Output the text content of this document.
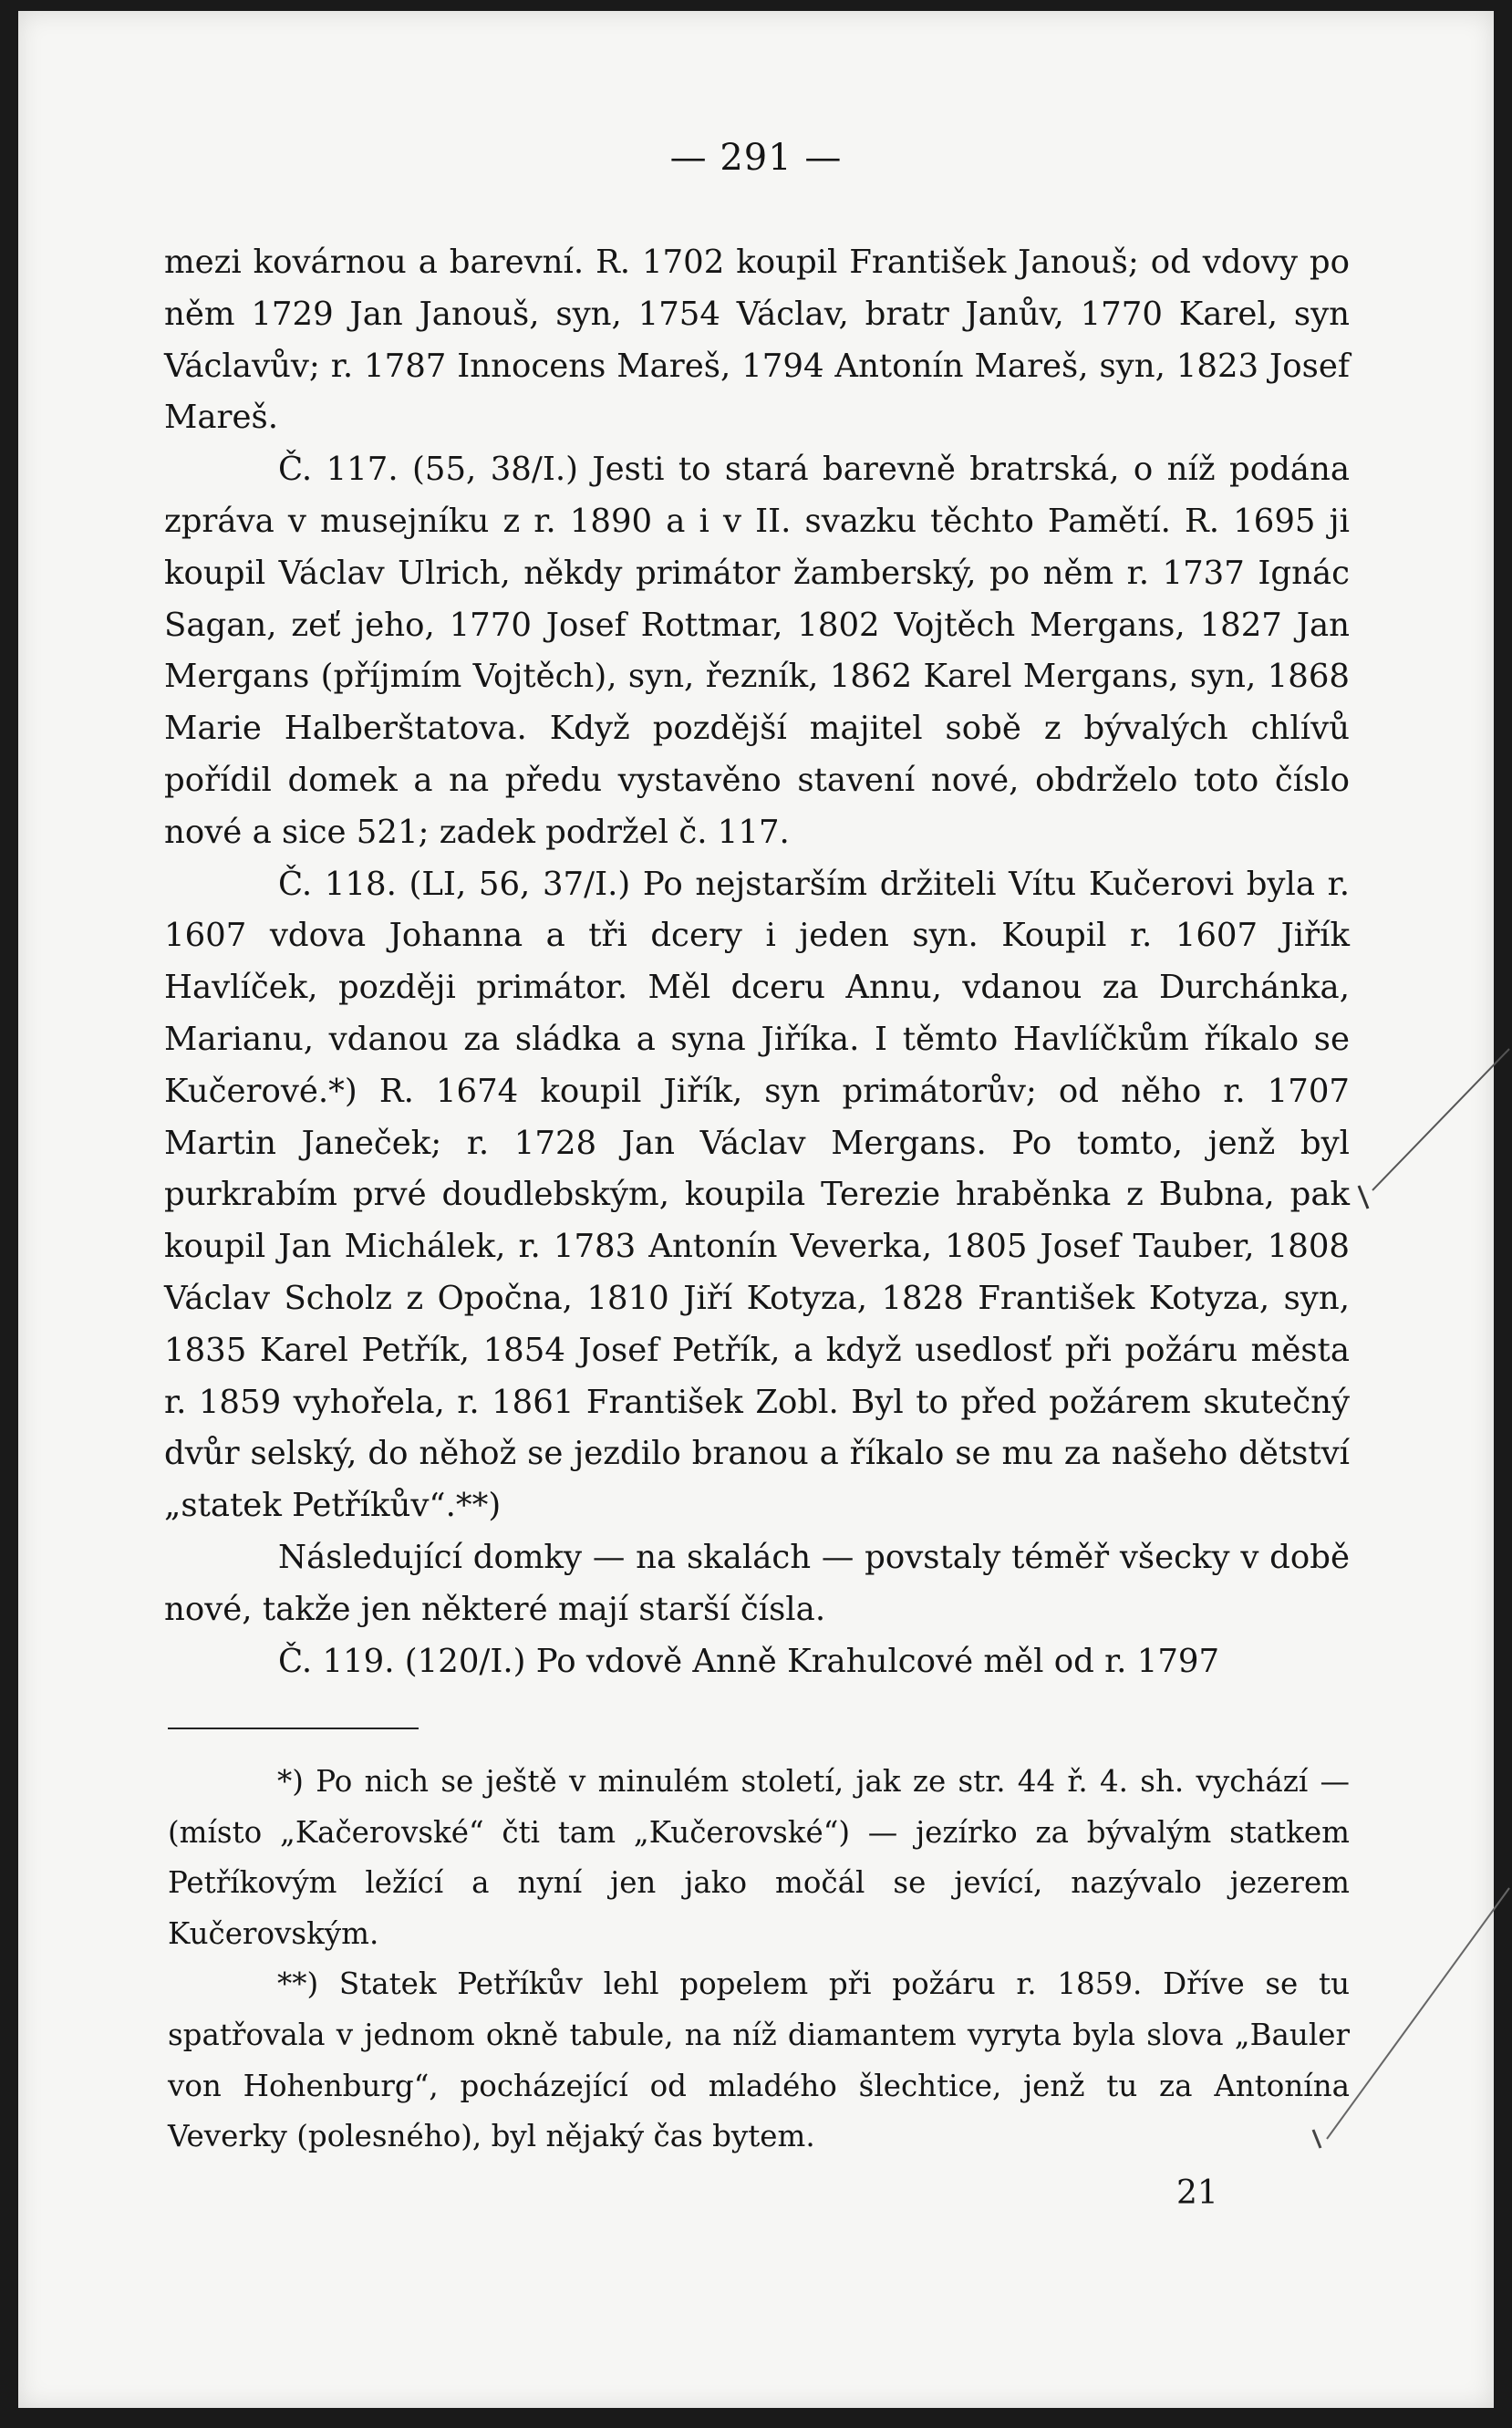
— 291 —

mezi kovárnou a barevní. R. 1702 koupil František Janouš; od vdovy po něm 1729 Jan Janouš, syn, 1754 Václav, bratr Janův, 1770 Karel, syn Václavův; r. 1787 Innocens Mareš, 1794 Antonín Mareš, syn, 1823 Josef Mareš.

Č. 117. (55, 38/I.) Jesti to stará barevně bratrská, o níž podána zpráva v musejníku z r. 1890 a i v II. svazku těchto Pamětí. R. 1695 ji koupil Václav Ulrich, někdy primátor žamberský, po něm r. 1737 Ignác Sagan, zeť jeho, 1770 Josef Rottmar, 1802 Vojtěch Mergans, 1827 Jan Mergans (příjmím Vojtěch), syn, řezník, 1862 Karel Mergans, syn, 1868 Marie Halberštatova. Když pozdější majitel sobě z bývalých chlívů pořídil domek a na předu vystavěno stavení nové, obdrželo toto číslo nové a sice 521; zadek podržel č. 117.

Č. 118. (LI, 56, 37/I.) Po nejstarším držiteli Vítu Kučerovi byla r. 1607 vdova Johanna a tři dcery i jeden syn. Koupil r. 1607 Jiřík Havlíček, později primátor. Měl dceru Annu, vdanou za Durchánka, Marianu, vdanou za sládka a syna Jiříka. I těmto Havlíčkům říkalo se Kučerové.*) R. 1674 koupil Jiřík, syn primátorův; od něho r. 1707 Martin Janeček; r. 1728 Jan Václav Mergans. Po tomto, jenž byl purkrabím prvé doudlebským, koupila Terezie hraběnka z Bubna, pak koupil Jan Michálek, r. 1783 Antonín Veverka, 1805 Josef Tauber, 1808 Václav Scholz z Opočna, 1810 Jiří Kotyza, 1828 František Kotyza, syn, 1835 Karel Petřík, 1854 Josef Petřík, a když usedlosť při požáru města r. 1859 vyhořela, r. 1861 František Zobl. Byl to před požárem skutečný dvůr selský, do něhož se jezdilo branou a říkalo se mu za našeho dětství „statek Petříkův“.**)

Následující domky — na skalách — povstaly téměř všecky v době nové, takže jen některé mají starší čísla.

Č. 119. (120/I.) Po vdově Anně Krahulcové měl od r. 1797

*) Po nich se ještě v minulém století, jak ze str. 44 ř. 4. sh. vychází — (místo „Kačerovské“ čti tam „Kučerovské“) — jezírko za bývalým statkem Petříkovým ležící a nyní jen jako močál se jevící, nazývalo jezerem Kučerovským.

**) Statek Petříkův lehl popelem při požáru r. 1859. Dříve se tu spatřovala v jednom okně tabule, na níž diamantem vyryta byla slova „Bauler von Hohenburg“, pocházející od mladého šlechtice, jenž tu za Antonína Veverky (polesného), byl nějaký čas bytem.

21
